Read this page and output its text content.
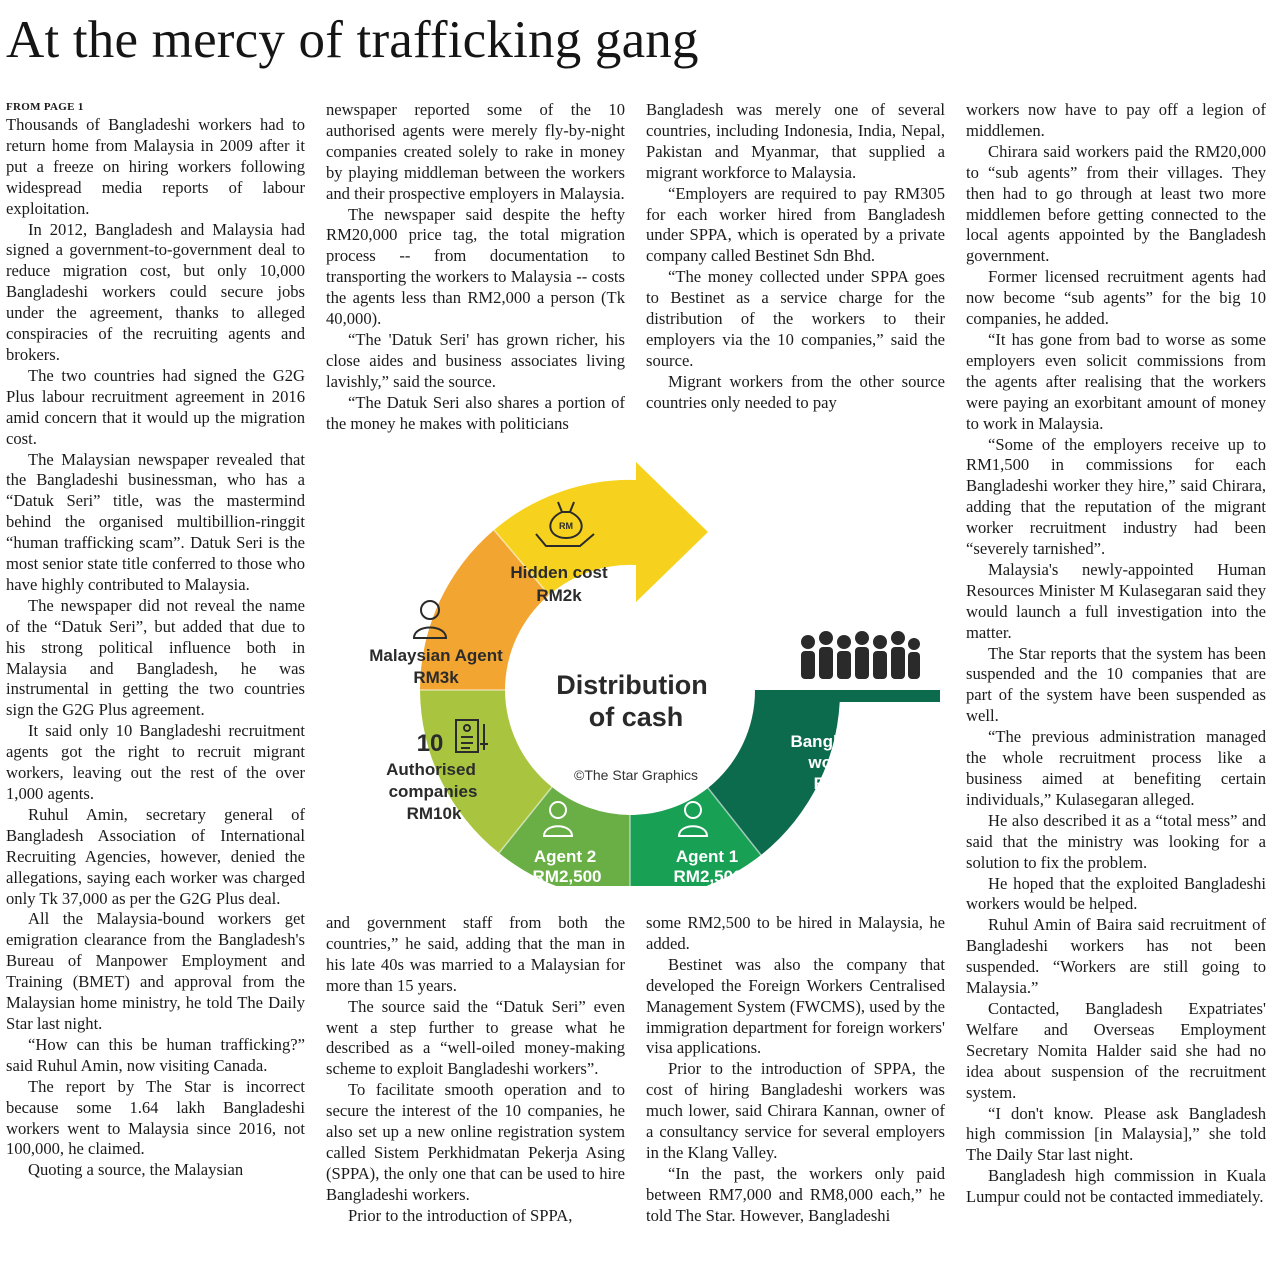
At the mercy of trafficking gang
FROM PAGE 1

Thousands of Bangladeshi workers had to return home from Malaysia in 2009 after it put a freeze on hiring workers following widespread media reports of labour exploitation.

In 2012, Bangladesh and Malaysia had signed a government-to-government deal to reduce migration cost, but only 10,000 Bangladeshi workers could secure jobs under the agreement, thanks to alleged conspiracies of the recruiting agents and brokers.

The two countries had signed the G2G Plus labour recruitment agreement in 2016 amid concern that it would up the migration cost.

The Malaysian newspaper revealed that the Bangladeshi businessman, who has a “Datuk Seri” title, was the mastermind behind the organised multibillion-ringgit “human trafficking scam”. Datuk Seri is the most senior state title conferred to those who have highly contributed to Malaysia.

The newspaper did not reveal the name of the “Datuk Seri”, but added that due to his strong political influence both in Malaysia and Bangladesh, he was instrumental in getting the two countries sign the G2G Plus agreement.

It said only 10 Bangladeshi recruitment agents got the right to recruit migrant workers, leaving out the rest of the over 1,000 agents.

Ruhul Amin, secretary general of Bangladesh Association of International Recruiting Agencies, however, denied the allegations, saying each worker was charged only Tk 37,000 as per the G2G Plus deal.

All the Malaysia-bound workers get emigration clearance from the Bangladesh's Bureau of Manpower Employment and Training (BMET) and approval from the Malaysian home ministry, he told The Daily Star last night.

“How can this be human trafficking?” said Ruhul Amin, now visiting Canada.

The report by The Star is incorrect because some 1.64 lakh Bangladeshi workers went to Malaysia since 2016, not 100,000, he claimed.

Quoting a source, the Malaysian

newspaper reported some of the 10 authorised agents were merely fly-by-night companies created solely to rake in money by playing middleman between the workers and their prospective employers in Malaysia.

The newspaper said despite the hefty RM20,000 price tag, the total migration process -- from documentation to transporting the workers to Malaysia -- costs the agents less than RM2,000 a person (Tk 40,000).

“The 'Datuk Seri' has grown richer, his close aides and business associates living lavishly,” said the source.

“The Datuk Seri also shares a portion of the money he makes with politicians

Bangladesh was merely one of several countries, including Indonesia, India, Nepal, Pakistan and Myanmar, that supplied a migrant workforce to Malaysia.

“Employers are required to pay RM305 for each worker hired from Bangladesh under SPPA, which is operated by a private company called Bestinet Sdn Bhd.

“The money collected under SPPA goes to Bestinet as a service charge for the distribution of the workers to their employers via the 10 companies,” said the source.

Migrant workers from the other source countries only needed to pay

and government staff from both the countries,” he said, adding that the man in his late 40s was married to a Malaysian for more than 15 years.

The source said the “Datuk Seri” even went a step further to grease what he described as a “well-oiled money-making scheme to exploit Bangladeshi workers”.

To facilitate smooth operation and to secure the interest of the 10 companies, he also set up a new online registration system called Sistem Perkhidmatan Pekerja Asing (SPPA), the only one that can be used to hire Bangladeshi workers.

Prior to the introduction of SPPA,

some RM2,500 to be hired in Malaysia, he added.

Bestinet was also the company that developed the Foreign Workers Centralised Management System (FWCMS), used by the immigration department for foreign workers' visa applications.

Prior to the introduction of SPPA, the cost of hiring Bangladeshi workers was much lower, said Chirara Kannan, owner of a consultancy service for several employers in the Klang Valley.

“In the past, the workers only paid between RM7,000 and RM8,000 each,” he told The Star. However, Bangladeshi

workers now have to pay off a legion of middlemen.

Chirara said workers paid the RM20,000 to “sub agents” from their villages. They then had to go through at least two more middlemen before getting connected to the local agents appointed by the Bangladesh government.

Former licensed recruitment agents had now become “sub agents” for the big 10 companies, he added.

“It has gone from bad to worse as some employers even solicit commissions from the agents after realising that the workers were paying an exorbitant amount of money to work in Malaysia.

“Some of the employers receive up to RM1,500 in commissions for each Bangladeshi worker they hire,” said Chirara, adding that the reputation of the migrant worker recruitment industry had been “severely tarnished”.

Malaysia's newly-appointed Human Resources Minister M Kulasegaran said they would launch a full investigation into the matter.

The Star reports that the system has been suspended and the 10 companies that are part of the system have been suspended as well.

“The previous administration managed the whole recruitment process like a business aimed at benefiting certain individuals,” Kulasegaran alleged.

He also described it as a “total mess” and said that the ministry was looking for a solution to fix the problem.

He hoped that the exploited Bangladeshi workers would be helped.

Ruhul Amin of Baira said recruitment of Bangladeshi workers has not been suspended. “Workers are still going to Malaysia.”

Contacted, Bangladesh Expatriates' Welfare and Overseas Employment Secretary Nomita Halder said she had no idea about suspension of the recruitment system.

“I don't know. Please ask Bangladesh high commission [in Malaysia],” she told The Daily Star last night.

Bangladesh high commission in Kuala Lumpur could not be contacted immediately.

Distribution
of cash
©The Star Graphics
RM
Hidden cost
RM2k
Malaysian Agent
RM3k
10
Authorised
companies
RM10k
Agent 2
RM2,500
Agent 1
RM2,500
Bangladeshi
workers
RM20k
